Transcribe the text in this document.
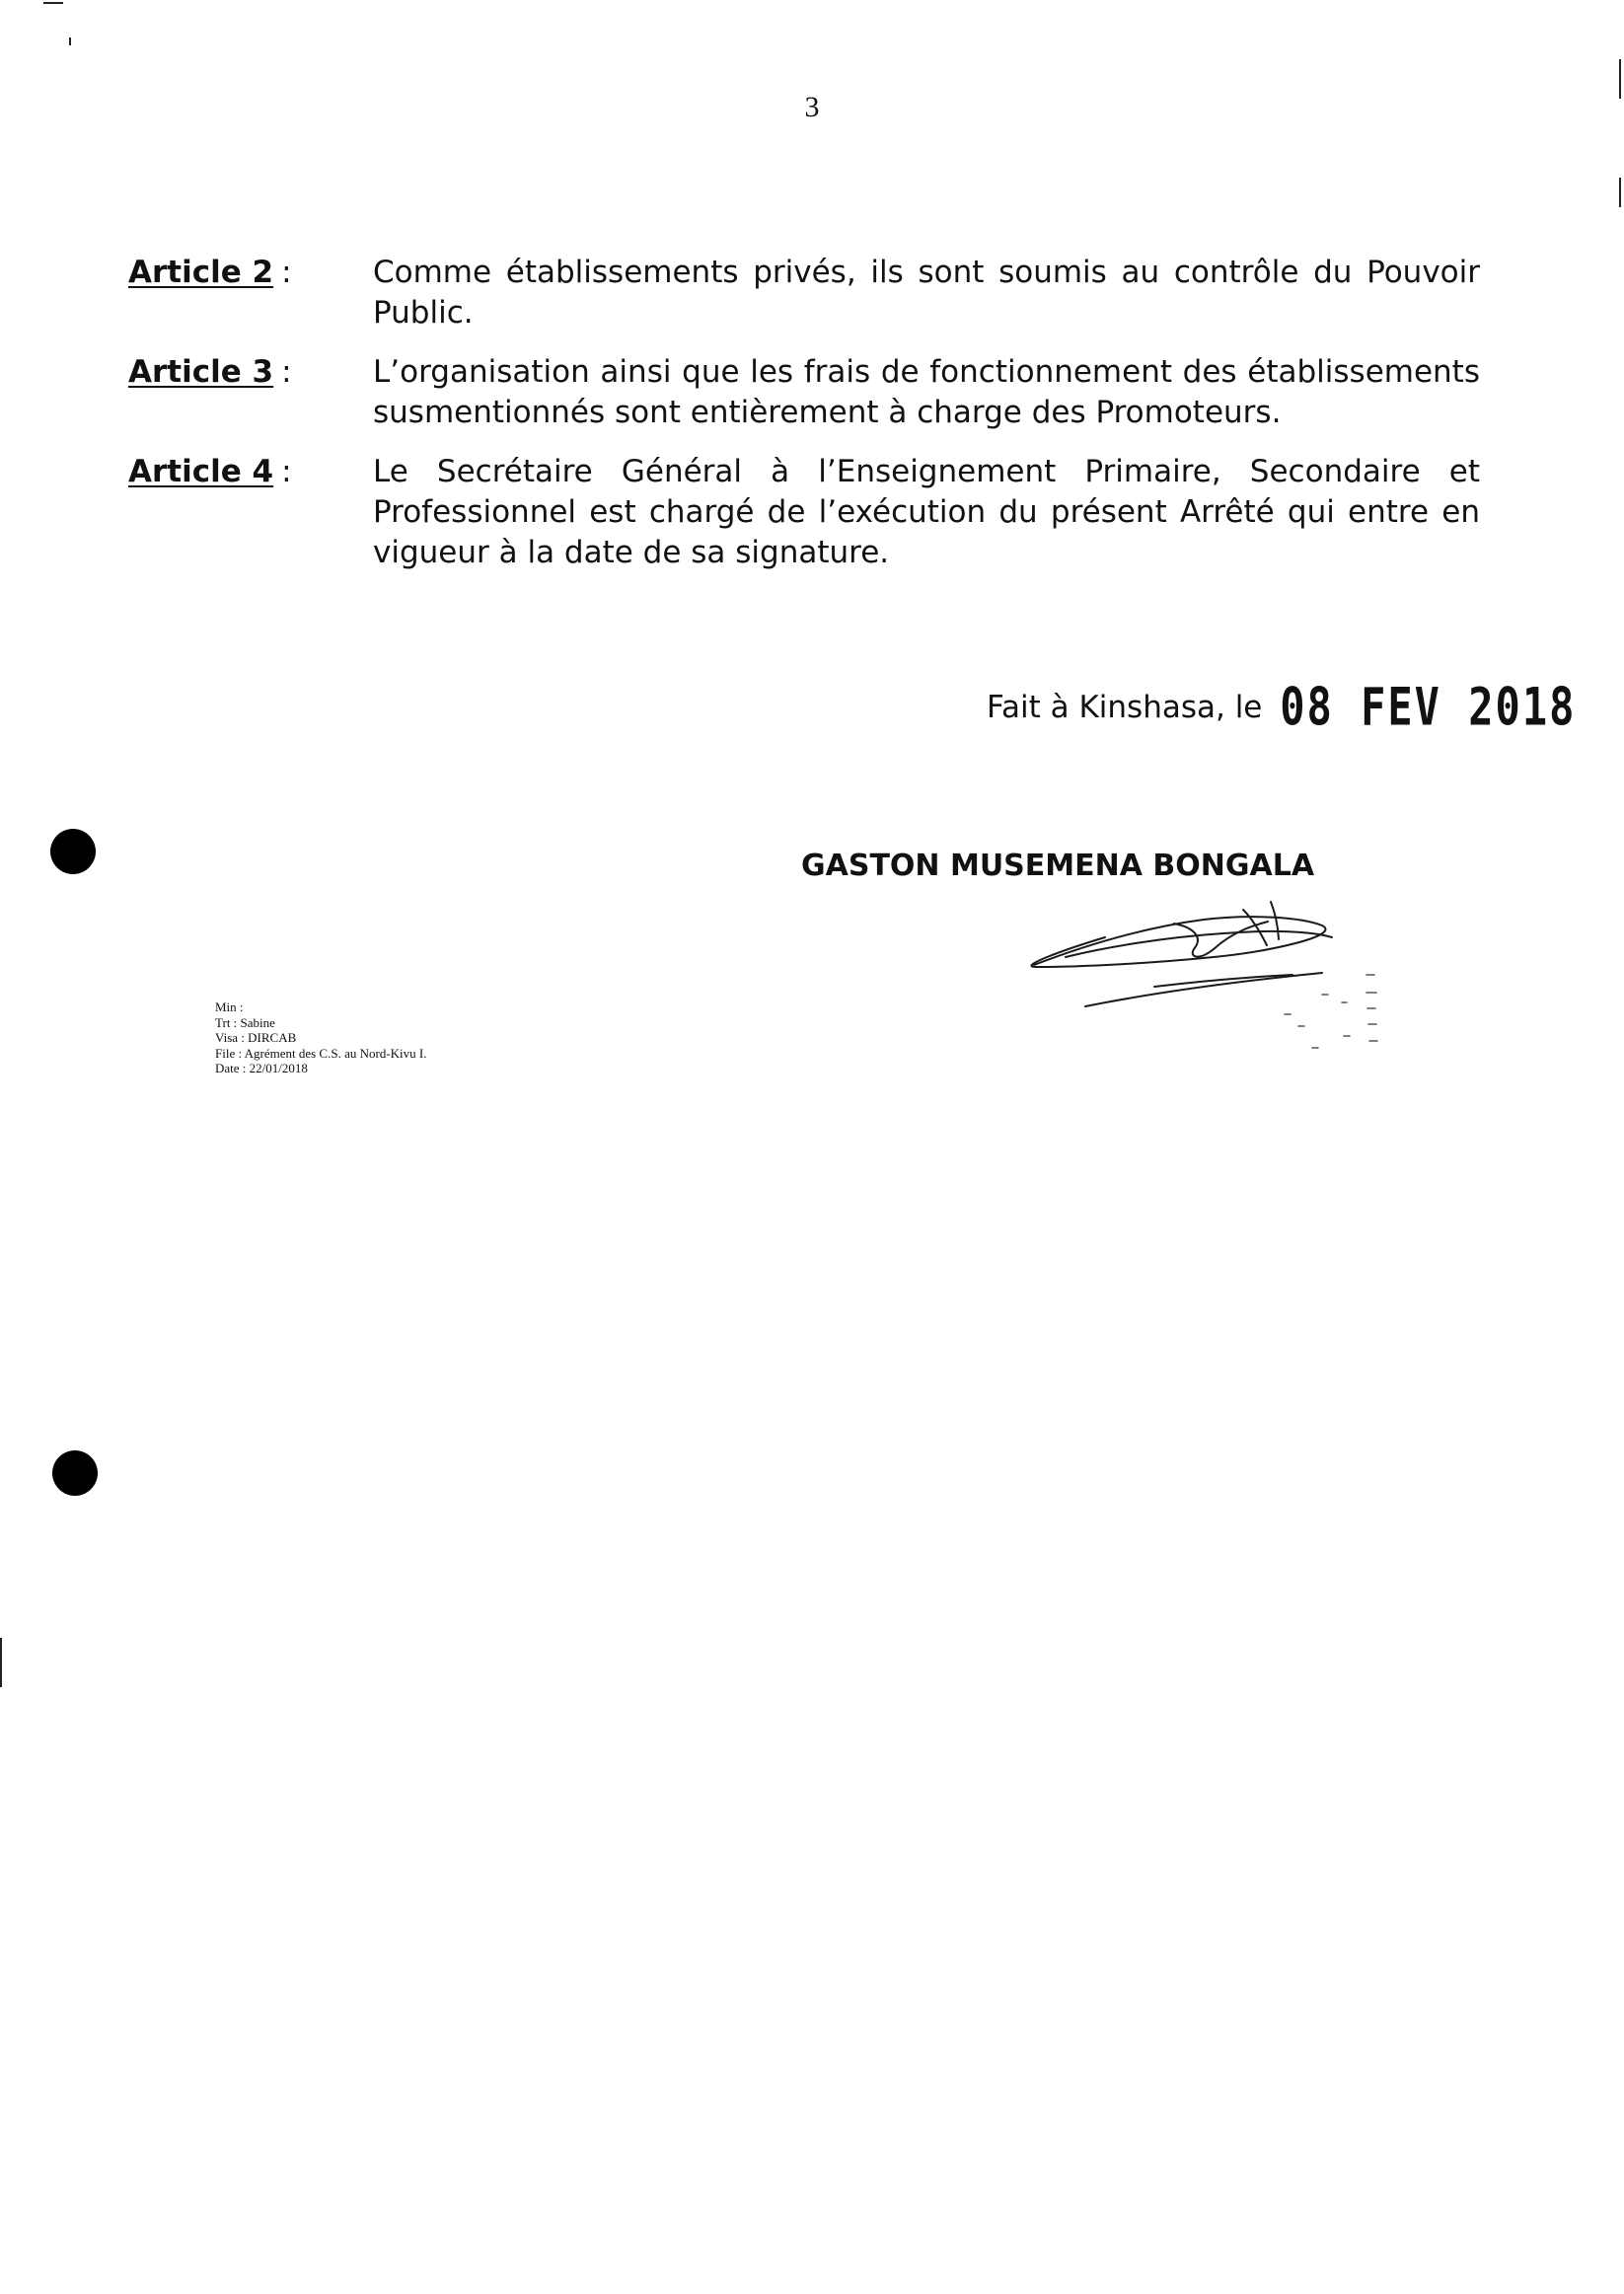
3
Article 2 :	Comme établissements privés, ils sont soumis au contrôle du Pouvoir Public.
Article 3 :	L’organisation ainsi que les frais de fonctionnement des établissements susmentionnés sont entièrement à charge des Promoteurs.
Article 4 :	Le Secrétaire Général à l’Enseignement Primaire, Secondaire et Professionnel est chargé de l’exécution du présent Arrêté qui entre en vigueur à la date de sa signature.
Fait à Kinshasa, le 08 FEV 2018
GASTON MUSEMENA BONGALA
Min :
Trt : Sabine
Visa : DIRCAB
File : Agrément des C.S. au Nord-Kivu I.
Date : 22/01/2018
